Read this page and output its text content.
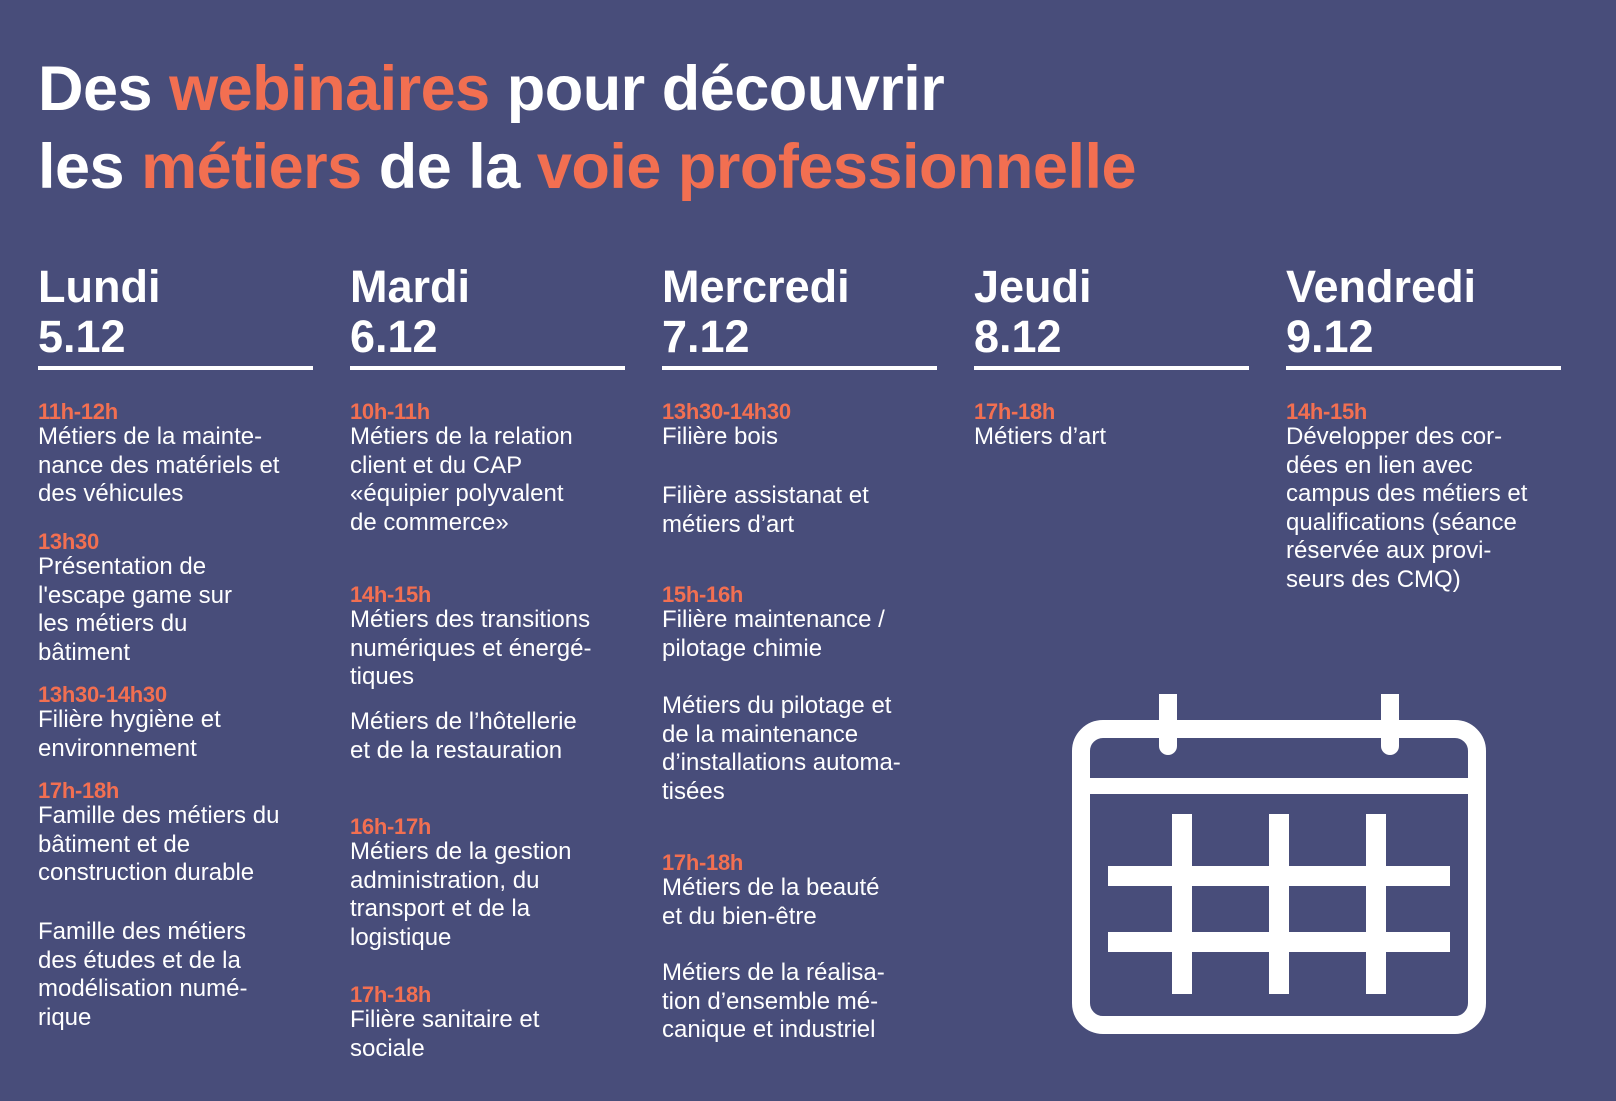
Des webinaires pour découvrir
les métiers de la voie professionnelle
Lundi
5.12
11h-12h
Métiers de la mainte-
nance des matériels et
des véhicules
13h30
Présentation de
l'escape game sur
les métiers du
bâtiment
13h30-14h30
Filière hygiène et
environnement
17h-18h
Famille des métiers du
bâtiment et de
construction durable
Famille des métiers
des études et de la
modélisation numé-
rique
Mardi
6.12
10h-11h
Métiers de la relation
client et du CAP
«équipier polyvalent
de commerce»
14h-15h
Métiers des transitions
numériques et énergé-
tiques
Métiers de l’hôtellerie
et de la restauration
16h-17h
Métiers de la gestion
administration, du
transport et de la
logistique
17h-18h
Filière sanitaire et
sociale
Mercredi
7.12
13h30-14h30
Filière bois
Filière assistanat et
métiers d’art
15h-16h
Filière maintenance /
pilotage chimie
Métiers du pilotage et
de la maintenance
d’installations automa-
tisées
17h-18h
Métiers de la beauté
et du bien-être
Métiers de la réalisa-
tion d’ensemble mé-
canique et industriel
Jeudi
8.12
17h-18h
Métiers d’art
Vendredi
9.12
14h-15h
Développer des cor-
dées en lien avec
campus des métiers et
qualifications (séance
réservée aux provi-
seurs des CMQ)
